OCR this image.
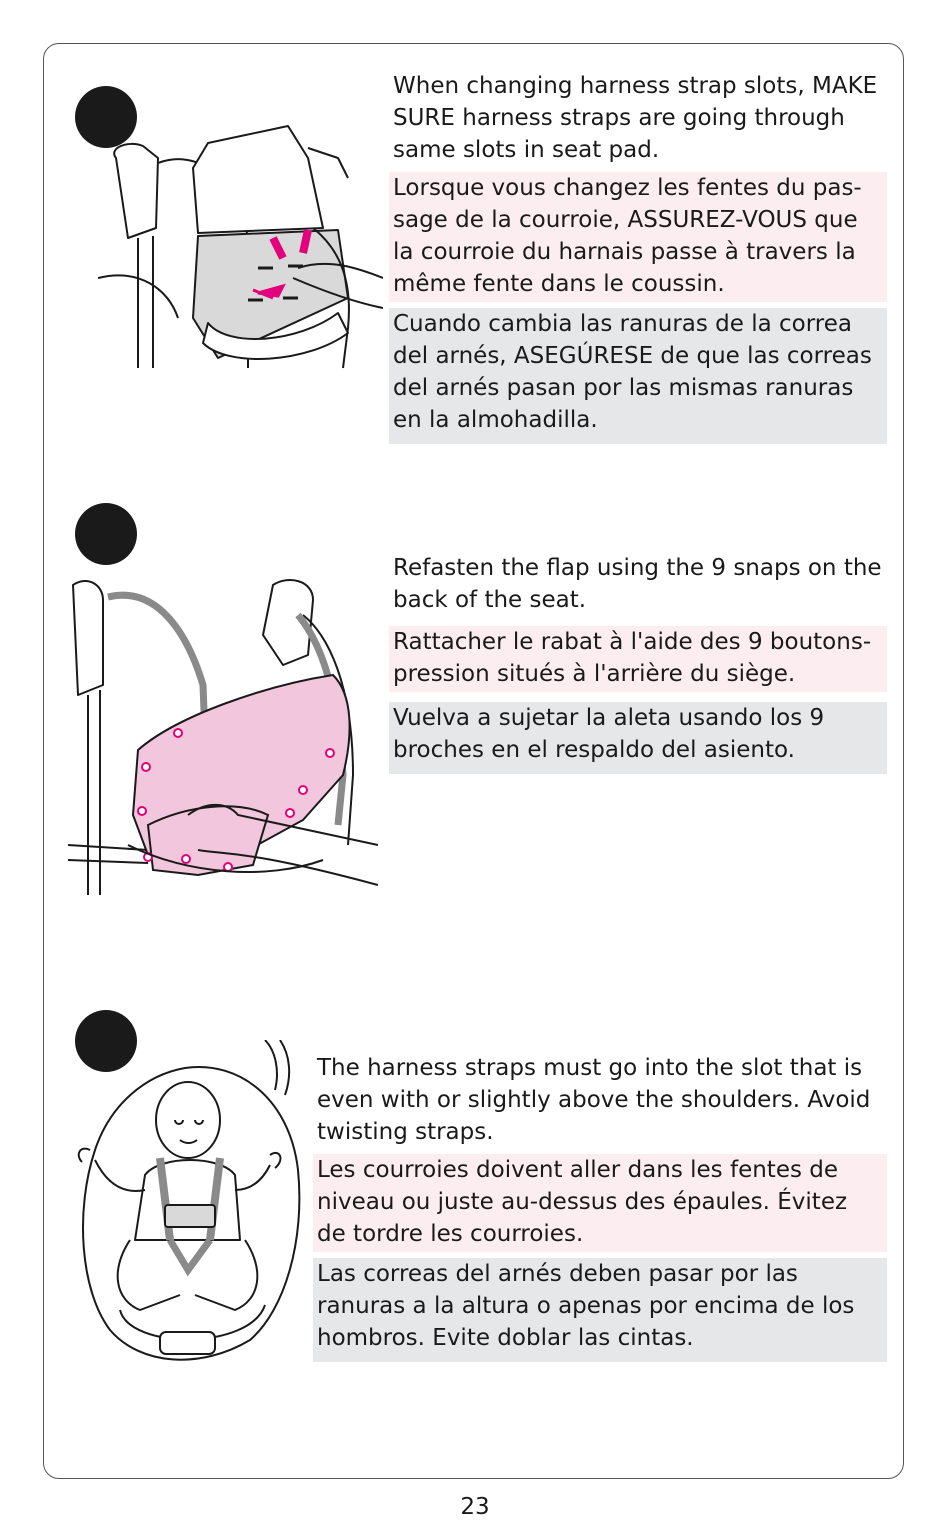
When changing harness strap slots, MAKE SURE harness straps are going through same slots in seat pad.
Lorsque vous changez les fentes du pas-sage de la courroie, ASSUREZ-VOUS que la courroie du harnais passe à travers la même fente dans le coussin.
Cuando cambia las ranuras de la correa del arnés, ASEGÚRESE de que las correas del arnés pasan por las mismas ranuras en la almohadilla.
Refasten the flap using the 9 snaps on the back of the seat.
Rattacher le rabat à l'aide des 9 boutons-pression situés à l'arrière du siège.
Vuelva a sujetar la aleta usando los 9 broches en el respaldo del asiento.
The harness straps must go into the slot that is even with or slightly above the shoulders. Avoid twisting straps.
Les courroies doivent aller dans les fentes de niveau ou juste au-dessus des épaules. Évitez de tordre les courroies.
Las correas del arnés deben pasar por las ranuras a la altura o apenas por encima de los hombros. Evite doblar las cintas.
23
